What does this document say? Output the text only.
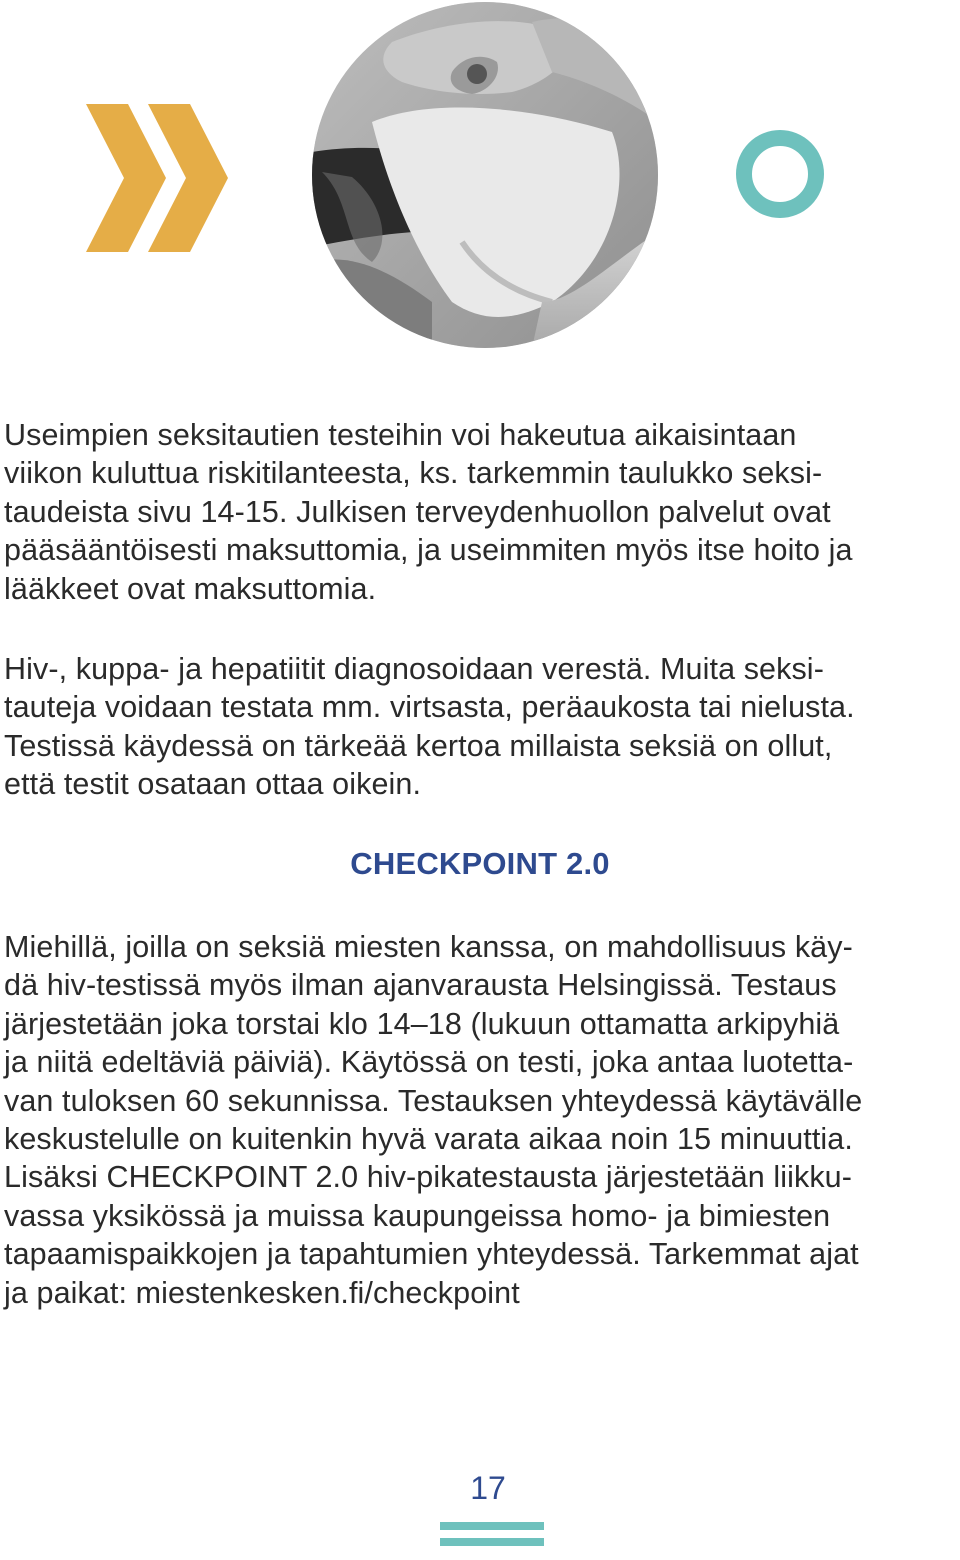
Useimpien seksitautien testeihin voi hakeutua aikaisintaan
viikon kuluttua riskitilanteesta, ks. tarkemmin taulukko seksi-
taudeista sivu 14-15. Julkisen terveydenhuollon palvelut ovat
pääsääntöisesti maksuttomia, ja useimmiten myös itse hoito ja
lääkkeet ovat maksuttomia.
Hiv-, kuppa- ja hepatiitit diagnosoidaan verestä. Muita seksi-
tauteja voidaan testata mm. virtsasta, peräaukosta tai nielusta.
Testissä käydessä on tärkeää kertoa millaista seksiä on ollut,
että testit osataan ottaa oikein.
CHECKPOINT 2.0
Miehillä, joilla on seksiä miesten kanssa, on mahdollisuus käy-
dä hiv-testissä myös ilman ajanvarausta Helsingissä. Testaus
järjestetään joka torstai klo 14–18 (lukuun ottamatta arkipyhiä
ja niitä edeltäviä päiviä). Käytössä on testi, joka antaa luotetta-
van tuloksen 60 sekunnissa. Testauksen yhteydessä käytävälle
keskustelulle on kuitenkin hyvä varata aikaa noin 15 minuuttia.
Lisäksi CHECKPOINT 2.0 hiv-pikatestausta järjestetään liikku-
vassa yksikössä ja muissa kaupungeissa homo- ja bimiesten
tapaamispaikkojen ja tapahtumien yhteydessä. Tarkemmat ajat
ja paikat: miestenkesken.fi/checkpoint
17
